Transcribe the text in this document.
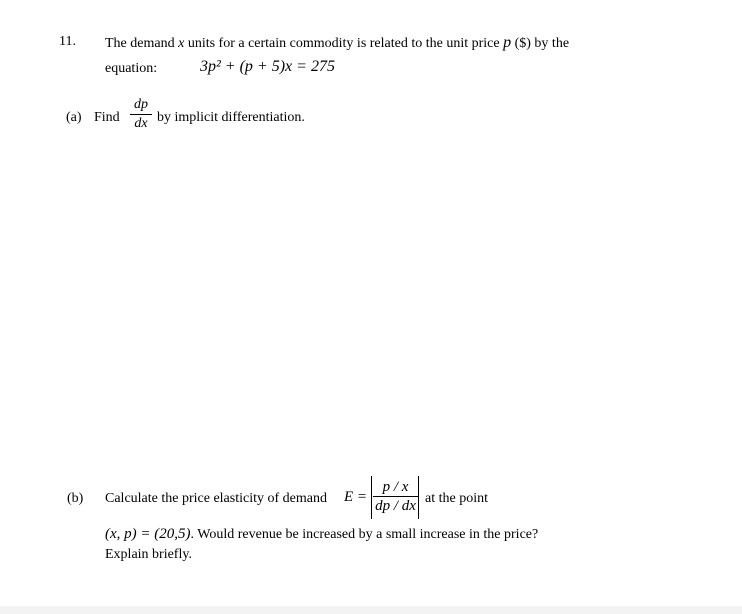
11. The demand x units for a certain commodity is related to the unit price p ($) by the
equation:	3p² + (p + 5)x = 275
(a) Find
dp
dx by implicit differentiation.
(b) Calculate the price elasticity of demand E =
p / x
dp / dx at the point
(x, p) = (20,5). Would revenue be increased by a small increase in the price?
Explain briefly.
